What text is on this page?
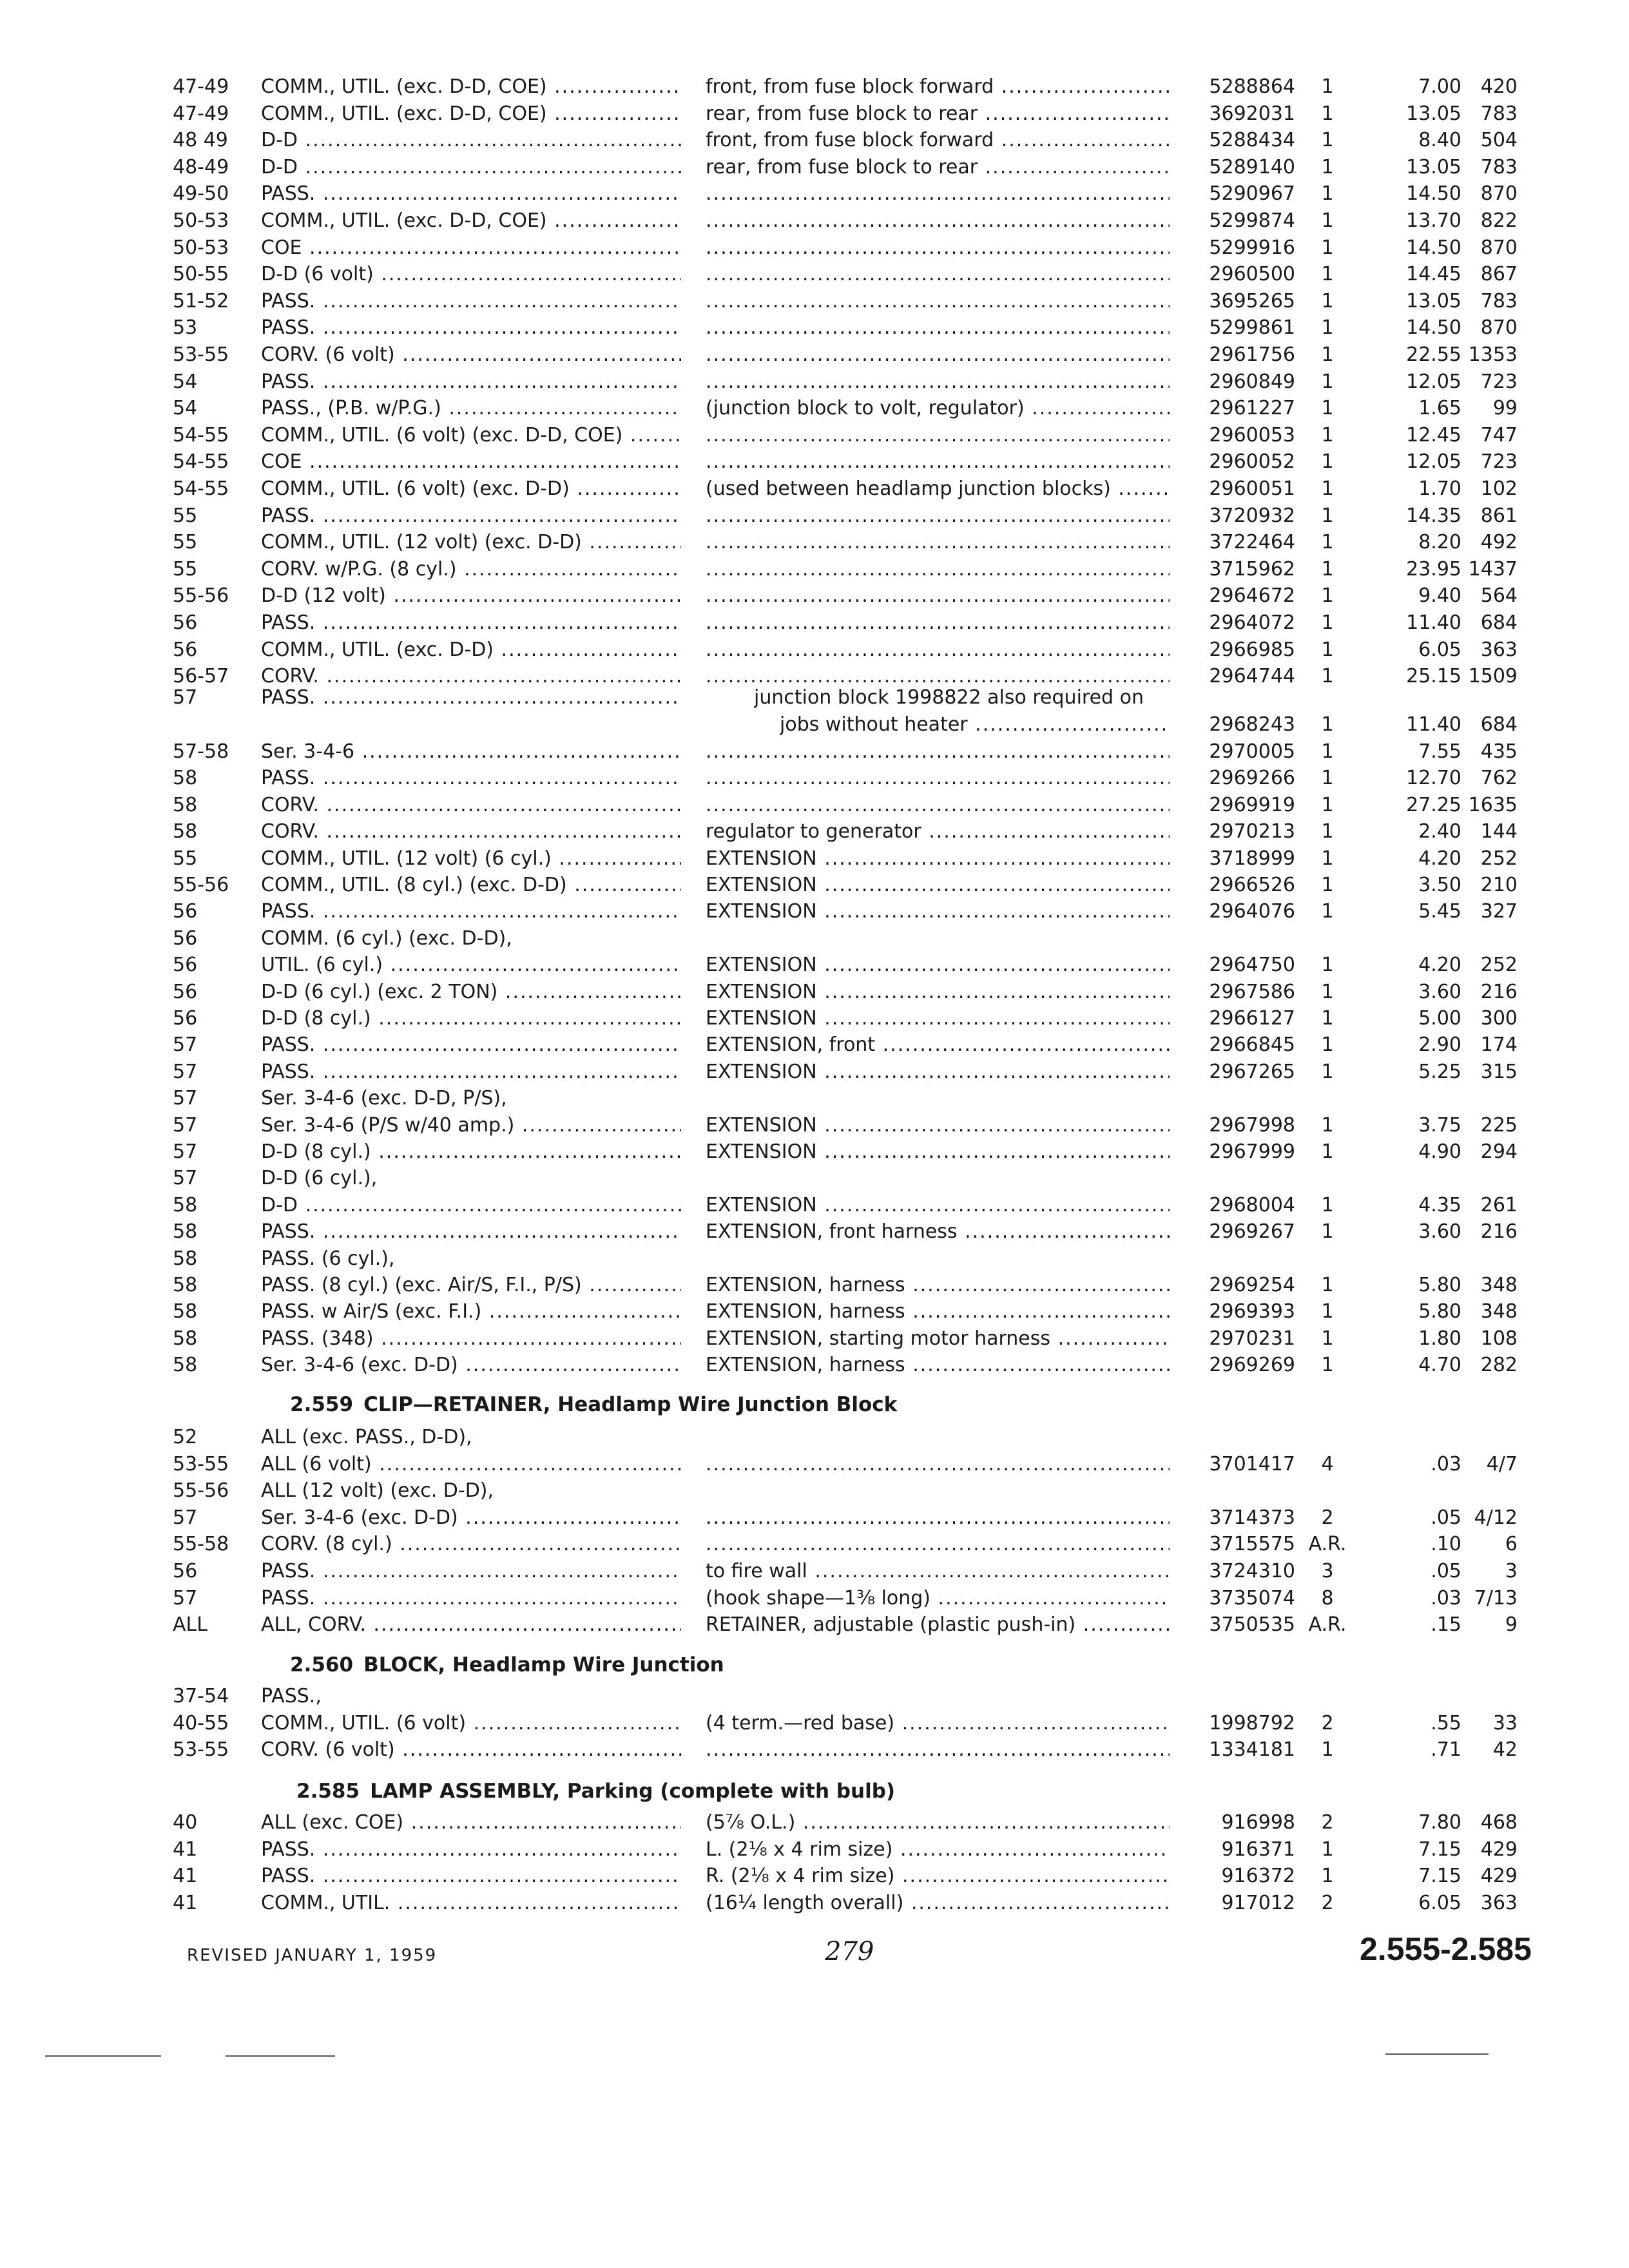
47-49	COMM., UTIL. (exc. D-D, COE) .....	front, from fuse block forward .....	5288864	1	7.00 420
47-49	COMM., UTIL. (exc. D-D, COE) .....	rear, from fuse block to rear .....	3692031	1	13.05 783
48 49	D-D .....	front, from fuse block forward .....	5288434	1	8.40 504
48-49	D-D .....	rear, from fuse block to rear .....	5289140	1	13.05 783
49-50	PASS. ..... .....	5290967	1	14.50 870
50-53	COMM., UTIL. (exc. D-D, COE) ..... .....	5299874	1	13.70 822
50-53	COE ..... .....	5299916	1	14.50 870
50-55	D-D (6 volt) ..... .....	2960500	1	14.45 867
51-52	PASS. ..... .....	3695265	1	13.05 783
53	PASS. ..... .....	5299861	1	14.50 870
53-55	CORV. (6 volt) ..... .....	2961756	1	22.55 1353
54	PASS. ..... .....	2960849	1	12.05 723
54	PASS., (P.B. w/P.G.) .....	(junction block to volt, regulator) .....	2961227	1	1.65	99
54-55	COMM., UTIL. (6 volt) (exc. D-D, COE) ..... .....	2960053	1	12.45 747
54-55	COE ..... .....	2960052	1	12.05 723
54-55	COMM., UTIL. (6 volt) (exc. D-D) .....	(used between headlamp junction blocks) .....	2960051	1	1.70 102
55	PASS. ..... .....	3720932	1	14.35 861
55	COMM., UTIL. (12 volt) (exc. D-D) ..... .....	3722464	1	8.20 492
55	CORV. w/P.G. (8 cyl.) ..... .....	3715962	1	23.95 1437
55-56	D-D (12 volt) ..... .....	2964672	1	9.40 564
56	PASS. ..... .....	2964072	1	11.40 684
56	COMM., UTIL. (exc. D-D) ..... .....	2966985	1	6.05 363
56-57	CORV. ..... .....	2964744	1	25.15 1509
57	PASS. .....	junction block 1998822 also required on
jobs without heater .....	2968243	1	11.40 684
57-58	Ser. 3-4-6 ..... .....	2970005	1	7.55 435
58	PASS. ..... .....	2969266	1	12.70 762
58	CORV. ..... .....	2969919	1	27.25 1635
58	CORV. .....	regulator to generator .....	2970213	1	2.40 144
55	COMM., UTIL. (12 volt) (6 cyl.) .....	EXTENSION .....	3718999	1	4.20 252
55-56	COMM., UTIL. (8 cyl.) (exc. D-D) .....	EXTENSION .....	2966526	1	3.50 210
56	PASS. .....	EXTENSION .....	2964076	1	5.45 327
56	COMM. (6 cyl.) (exc. D-D),
56	UTIL. (6 cyl.) .....	EXTENSION .....	2964750	1	4.20 252
56	D-D (6 cyl.) (exc. 2 TON) .....	EXTENSION .....	2967586	1	3.60 216
56	D-D (8 cyl.) .....	EXTENSION .....	2966127	1	5.00 300
57	PASS. .....	EXTENSION, front .....	2966845	1	2.90 174
57	PASS. .....	EXTENSION .....	2967265	1	5.25 315
57	Ser. 3-4-6 (exc. D-D, P/S),
57	Ser. 3-4-6 (P/S w/40 amp.) .....	EXTENSION .....	2967998	1	3.75 225
57	D-D (8 cyl.) .....	EXTENSION .....	2967999	1	4.90 294
57	D-D (6 cyl.),
58	D-D .....	EXTENSION .....	2968004	1	4.35 261
58	PASS. .....	EXTENSION, front harness .....	2969267	1	3.60 216
58	PASS. (6 cyl.),
58	PASS. (8 cyl.) (exc. Air/S, F.I., P/S) .....	EXTENSION, harness .....	2969254	1	5.80 348
58	PASS. w Air/S (exc. F.I.) .....	EXTENSION, harness .....	2969393	1	5.80 348
58	PASS. (348) .....	EXTENSION, starting motor harness .....	2970231	1	1.80 108
58	Ser. 3-4-6 (exc. D-D) .....	EXTENSION, harness .....	2969269	1	4.70 282
2.559 CLIP—RETAINER, Headlamp Wire Junction Block
52	ALL (exc. PASS., D-D),
53-55	ALL (6 volt) ..... .....	3701417	4	.03	4/7
55-56	ALL (12 volt) (exc. D-D),
57	Ser. 3-4-6 (exc. D-D) ..... .....	3714373	2	.05 4/12
55-58	CORV. (8 cyl.) ..... .....	3715575 A.R.	.10	6
56	PASS. .....	to fire wall .....	3724310	3	.05	3
57	PASS. .....	(hook shape—1⅜ long) .....	3735074	8	.03 7/13
ALL	ALL, CORV. .....	RETAINER, adjustable (plastic push-in) .....	3750535 A.R.	.15	9
2.560 BLOCK, Headlamp Wire Junction
37-54	PASS.,
40-55	COMM., UTIL. (6 volt) .....	(4 term.—red base) .....	1998792	2	.55	33
53-55	CORV. (6 volt) ..... .....	1334181	1	.71	42
2.585 LAMP ASSEMBLY, Parking (complete with bulb)
40	ALL (exc. COE) .....	(5⅞ O.L.) .....	916998	2	7.80 468
41	PASS. .....	L. (2⅛ x 4 rim size) .....	916371	1	7.15 429
41	PASS. .....	R. (2⅛ x 4 rim size) .....	916372	1	7.15 429
41	COMM., UTIL. .....	(16¼ length overall) .....	917012	2	6.05 363
REVISED JANUARY 1, 1959	279	2.555-2.585
